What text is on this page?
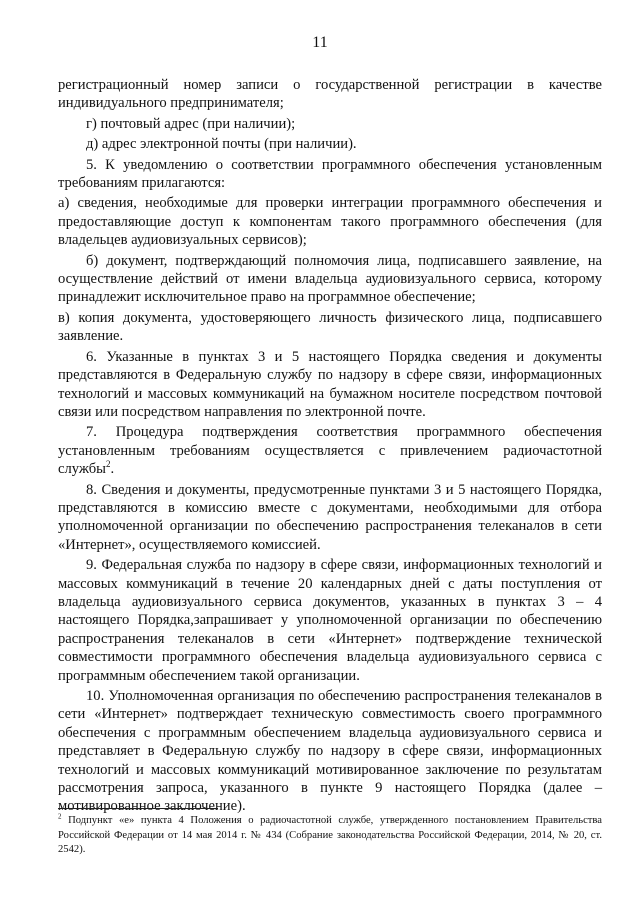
11

регистрационный номер записи о государственной регистрации в качестве индивидуального предпринимателя;

г) почтовый адрес (при наличии);

д) адрес электронной почты (при наличии).

5. К уведомлению о соответствии программного обеспечения установленным требованиям прилагаются:

а) сведения, необходимые для проверки интеграции программного обеспечения и предоставляющие доступ к компонентам такого программного обеспечения (для владельцев аудиовизуальных сервисов);

б) документ, подтверждающий полномочия лица, подписавшего заявление, на осуществление действий от имени владельца аудиовизуального сервиса, которому принадлежит исключительное право на программное обеспечение;

в) копия документа, удостоверяющего личность физического лица, подписавшего заявление.

6. Указанные в пунктах 3 и 5 настоящего Порядка сведения и документы представляются в Федеральную службу по надзору в сфере связи, информационных технологий и массовых коммуникаций на бумажном носителе посредством почтовой связи или посредством направления по электронной почте.

7. Процедура подтверждения соответствия программного обеспечения установленным требованиям осуществляется с привлечением радиочастотной службы$^2$.

8. Сведения и документы, предусмотренные пунктами 3 и 5 настоящего Порядка, представляются в комиссию вместе с документами, необходимыми для отбора уполномоченной организации по обеспечению распространения телеканалов в сети «Интернет», осуществляемого комиссией.

9. Федеральная служба по надзору в сфере связи, информационных технологий и массовых коммуникаций в течение 20 календарных дней с даты поступления от владельца аудиовизуального сервиса документов, указанных в пунктах 3 – 4 настоящего Порядка,запрашивает у уполномоченной организации по обеспечению распространения телеканалов в сети «Интернет» подтверждение технической совместимости программного обеспечения владельца аудиовизуального сервиса с программным обеспечением такой организации.

10. Уполномоченная организация по обеспечению распространения телеканалов в сети «Интернет» подтверждает техническую совместимость своего программного обеспечения с программным обеспечением владельца аудиовизуального сервиса и представляет в Федеральную службу по надзору в сфере связи, информационных технологий и массовых коммуникаций мотивированное заключение по результатам рассмотрения запроса, указанного в пункте 9 настоящего Порядка (далее – мотивированное заключение).

$^2$ Подпункт «е» пункта 4 Положения о радиочастотной службе, утвержденного постановлением Правительства Российской Федерации от 14 мая 2014 г. № 434 (Собрание законодательства Российской Федерации, 2014, № 20, ст. 2542).
